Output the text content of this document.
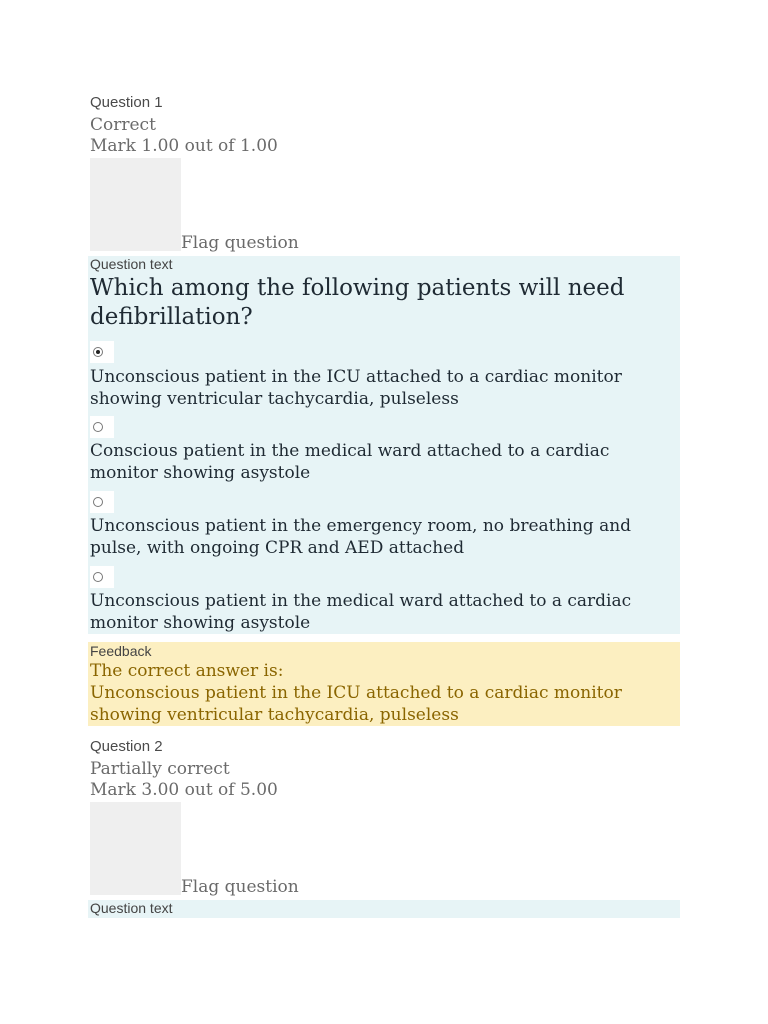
Question 1
Correct
Mark 1.00 out of 1.00
Flag question
Question text
Which among the following patients will need defibrillation?
Unconscious patient in the ICU attached to a cardiac monitor showing ventricular tachycardia, pulseless
Conscious patient in the medical ward attached to a cardiac monitor showing asystole
Unconscious patient in the emergency room, no breathing and pulse, with ongoing CPR and AED attached
Unconscious patient in the medical ward attached to a cardiac monitor showing asystole
Feedback
The correct answer is:
Unconscious patient in the ICU attached to a cardiac monitor showing ventricular tachycardia, pulseless
Question 2
Partially correct
Mark 3.00 out of 5.00
Flag question
Question text
